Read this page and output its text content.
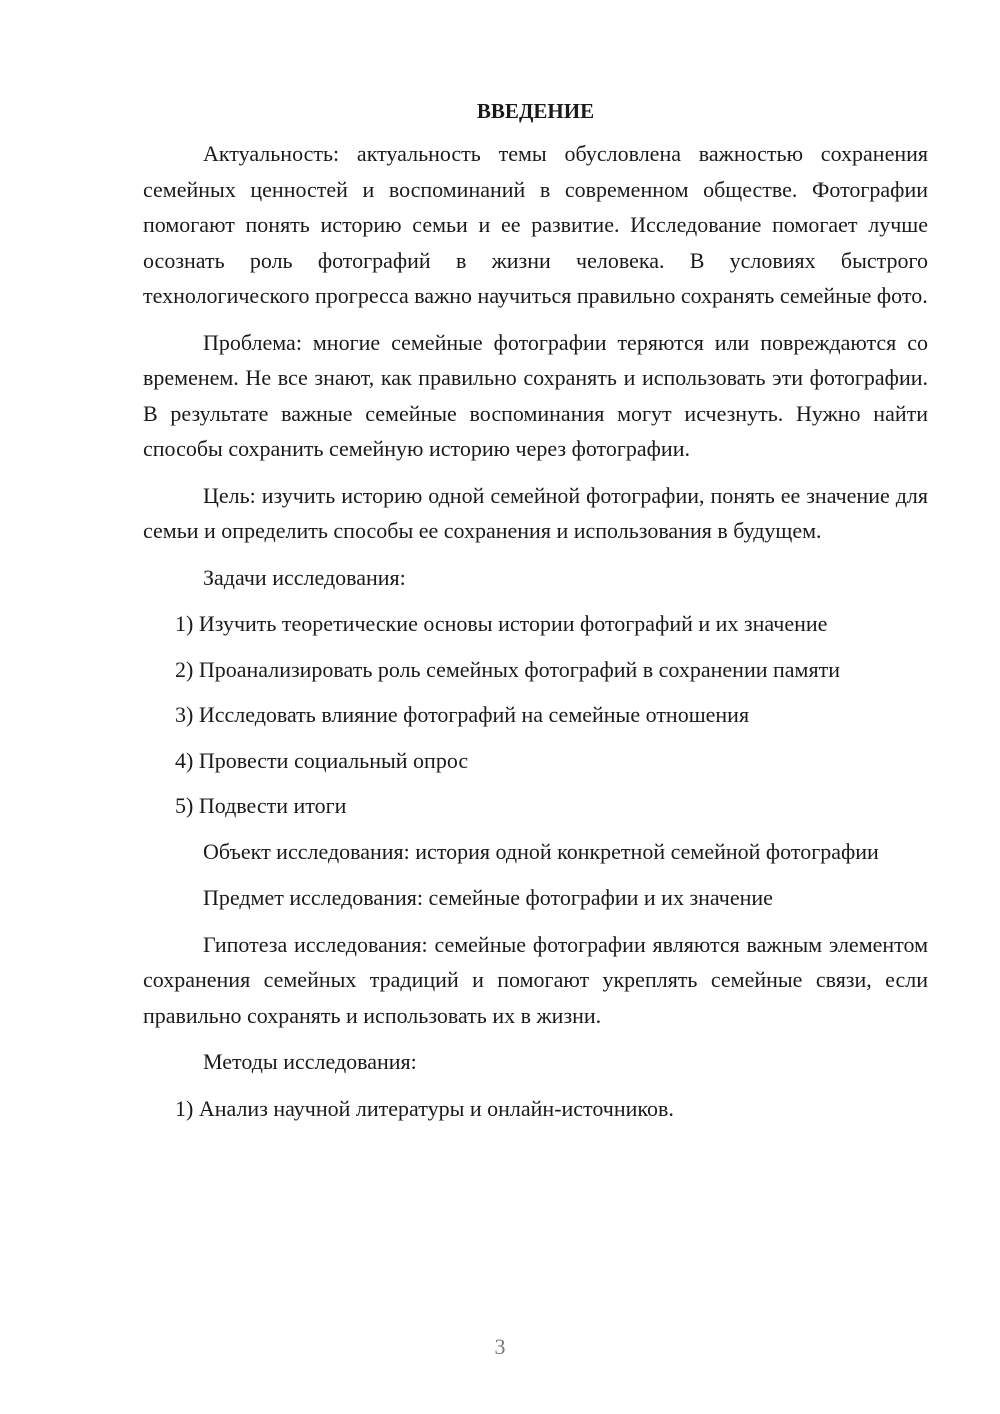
ВВЕДЕНИЕ

Актуальность: актуальность темы обусловлена важностью сохранения семейных ценностей и воспоминаний в современном обществе. Фотографии помогают понять историю семьи и ее развитие. Исследование помогает лучше осознать роль фотографий в жизни человека. В условиях быстрого технологического прогресса важно научиться правильно сохранять семейные фото.

Проблема: многие семейные фотографии теряются или повреждаются со временем. Не все знают, как правильно сохранять и использовать эти фотографии. В результате важные семейные воспоминания могут исчезнуть. Нужно найти способы сохранить семейную историю через фотографии.

Цель: изучить историю одной семейной фотографии, понять ее значение для семьи и определить способы ее сохранения и использования в будущем.

Задачи исследования:

1) Изучить теоретические основы истории фотографий и их значение

2) Проанализировать роль семейных фотографий в сохранении памяти

3) Исследовать влияние фотографий на семейные отношения

4) Провести социальный опрос

5) Подвести итоги

Объект исследования: история одной конкретной семейной фотографии

Предмет исследования: семейные фотографии и их значение

Гипотеза исследования: семейные фотографии являются важным элементом сохранения семейных традиций и помогают укреплять семейные связи, если правильно сохранять и использовать их в жизни.

Методы исследования:

1) Анализ научной литературы и онлайн-источников.

3
